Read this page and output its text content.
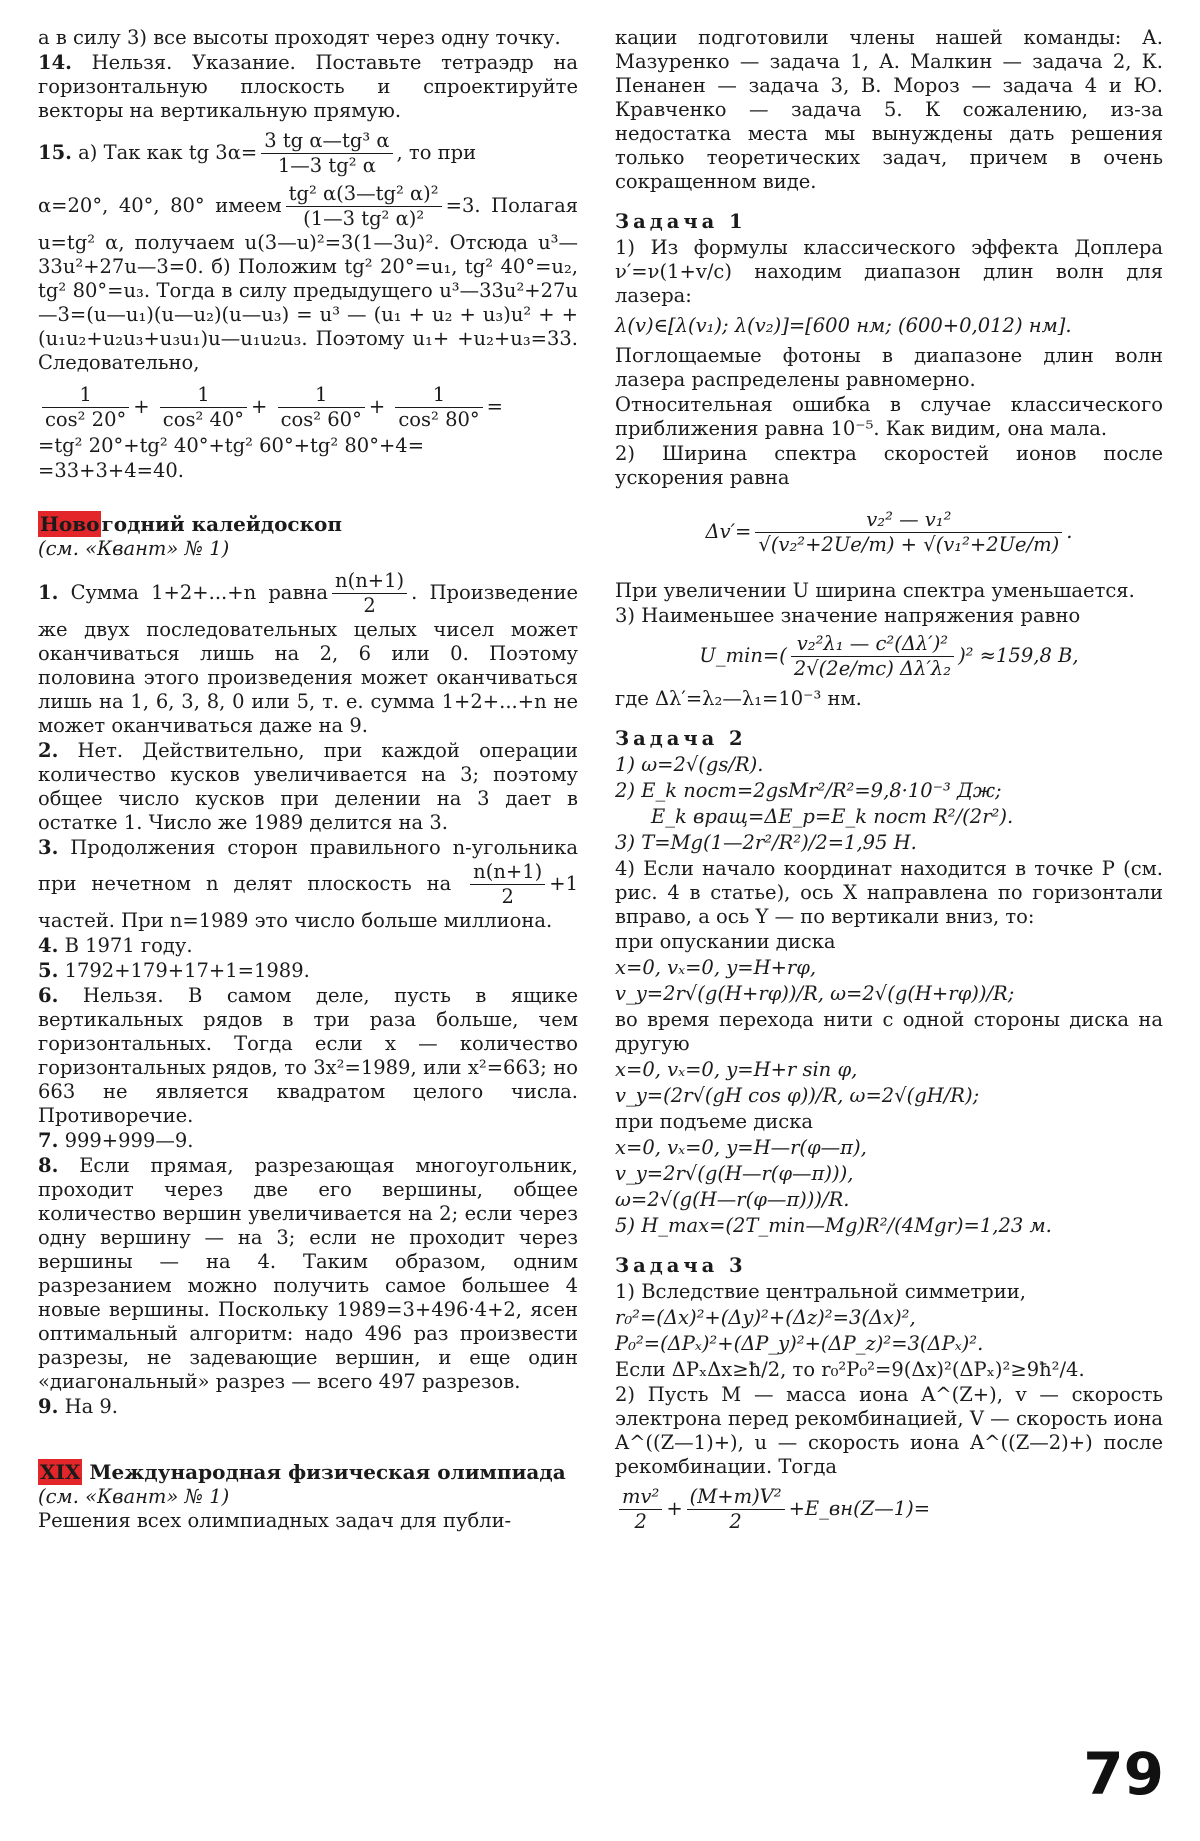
а в силу 3) все высоты проходят через одну точку.

14. Нельзя. Указание. Поставьте тетраэдр на горизонтальную плоскость и спроектируйте векторы на вертикальную прямую.

15. а) Так как tg $3\alpha= \frac{\text{3 tg α—tg³ α}}{\text{1—3 tg² α}}$ , то при

α=20°, 40°, 80° имеем $\frac{\text{tg² α(3—tg² α)²}}{\text{(1—3 tg² α)²}} =3$. Полагая u=tg² α, получаем u(3—u)²=3(1—3u)². Отсюда u³—33u²+27u—3=0. б) Положим tg² 20°=u₁, tg² 40°=u₂, tg² 80°=u₃. Тогда в силу предыдущего u³—33u²+27u—3=(u—u₁)(u—u₂)(u—u₃) = u³ — (u₁ + u₂ + u₃)u² + +(u₁u₂+u₂u₃+u₃u₁)u—u₁u₂u₃. Поэтому u₁+ +u₂+u₃=33. Следовательно,

$\frac{1}{\text{cos² 20°}} + \frac{1}{\text{cos² 40°}} + \frac{1}{\text{cos² 60°}} + \frac{1}{\text{cos² 80°}}$ =

=tg² 20°+tg² 40°+tg² 60°+tg² 80°+4=

=33+3+4=40.

Ново годний калейдоскоп

(см. «Квант» № 1)

1. Сумма 1+2+...+n равна $\frac{n(n+1)}{2}$ . Произведение же двух последовательных целых чисел может оканчиваться лишь на 2, 6 или 0. Поэтому половина этого произведения может оканчиваться лишь на 1, 6, 3, 8, 0 или 5, т. е. сумма 1+2+...+n не может оканчиваться даже на 9.

2. Нет. Действительно, при каждой операции количество кусков увеличивается на 3; поэтому общее число кусков при делении на 3 дает в остатке 1. Число же 1989 делится на 3.

3. Продолжения сторон правильного n-угольника при нечетном n делят плоскость на $\frac{n(n+1)}{2} +1$ частей. При n=1989 это число больше миллиона.

4. В 1971 году.

5. 1792+179+17+1=1989.

6. Нельзя. В самом деле, пусть в ящике вертикальных рядов в три раза больше, чем горизонтальных. Тогда если x — количество горизонтальных рядов, то 3x²=1989, или x²=663; но 663 не является квадратом целого числа. Противоречие.

7. 999+999—9.

8. Если прямая, разрезающая многоугольник, проходит через две его вершины, общее количество вершин увеличивается на 2; если через одну вершину — на 3; если не проходит через вершины — на 4. Таким образом, одним разрезанием можно получить самое большее 4 новые вершины. Поскольку 1989=3+496·4+2, ясен оптимальный алгоритм: надо 496 раз произвести разрезы, не задевающие вершин, и еще один «диагональный» разрез — всего 497 разрезов.

9. На 9.

XIX Международная физическая олимпиада

(см. «Квант» № 1)

Решения всех олимпиадных задач для публи-

кации подготовили члены нашей команды: А. Мазуренко — задача 1, А. Малкин — задача 2, К. Пенанен — задача 3, В. Мороз — задача 4 и Ю. Кравченко — задача 5. К сожалению, из-за недостатка места мы вынуждены дать решения только теоретических задач, причем в очень сокращенном виде.

Задача 1

1) Из формулы классического эффекта Доплера ν′=ν(1+v/c) находим диапазон длин волн для лазера:

λ(v)∈[λ(v₁); λ(v₂)]=[600 нм; (600+0,012) нм].

Поглощаемые фотоны в диапазоне длин волн лазера распределены равномерно.

Относительная ошибка в случае классического приближения равна 10⁻⁵. Как видим, она мала.

2) Ширина спектра скоростей ионов после ускорения равна

$\Delta v'= \frac{\text{v₂² — v₁²}}{\text{√(v₂²+2Ue/m) + √(v₁²+2Ue/m)}}$ .

При увеличении U ширина спектра уменьшается.

3) Наименьшее значение напряжения равно

U_min=( $\frac{\text{v₂²λ₁ — c²(Δλ′)²}}{\text{2√(2e/mc) Δλ′λ₂}} )^2 \approx 159,8$ В,

где Δλ′=λ₂—λ₁=10⁻³ нм.

Задача 2

1) ω=2√(gs/R).

2) E_k пост=2gsMr²/R²=9,8·10⁻³ Дж;

E_k вращ=ΔE_p=E_k пост R²/(2r²).

3) T=Mg(1—2r²/R²)/2=1,95 Н.

4) Если начало координат находится в точке P (см. рис. 4 в статье), ось X направлена по горизонтали вправо, а ось Y — по вертикали вниз, то:

при опускании диска

x=0, vₓ=0, y=H+rφ,

v_y=2r√(g(H+rφ))/R, ω=2√(g(H+rφ))/R;

во время перехода нити с одной стороны диска на другую

x=0, vₓ=0, y=H+r sin φ,

v_y=(2r√(gH cos φ))/R, ω=2√(gH/R);

при подъеме диска

x=0, vₓ=0, y=H—r(φ—π),

v_y=2r√(g(H—r(φ—π))),

ω=2√(g(H—r(φ—π)))/R.

5) H_max=(2T_min—Mg)R²/(4Mgr)=1,23 м.

Задача 3

1) Вследствие центральной симметрии,

r₀²=(Δx)²+(Δy)²+(Δz)²=3(Δx)²,

P₀²=(ΔPₓ)²+(ΔP_y)²+(ΔP_z)²=3(ΔPₓ)².

Если ΔPₓΔx≥ħ/2, то r₀²P₀²=9(Δx)²(ΔPₓ)²≥9ħ²/4.

2) Пусть M — масса иона A^(Z+), v — скорость электрона перед рекомбинацией, V — скорость иона A^((Z—1)+), u — скорость иона A^((Z—2)+) после рекомбинации. Тогда

$\frac{\text{mv²}}{2} + \frac{\text{(M+m)V²}}{2}$ +E_вн(Z—1)=

79
